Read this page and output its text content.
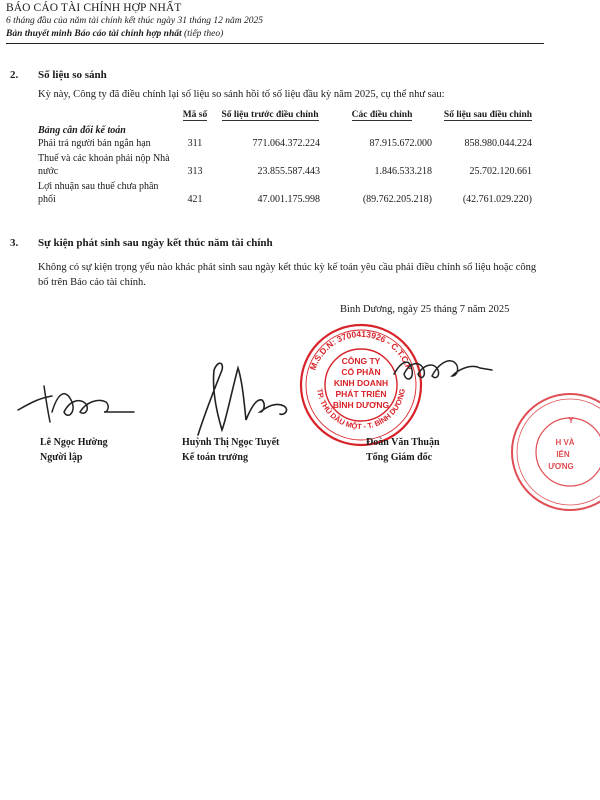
BÁO CÁO TÀI CHÍNH HỢP NHẤT
6 tháng đầu của năm tài chính kết thúc ngày 31 tháng 12 năm 2025
Bản thuyết minh Báo cáo tài chính hợp nhất (tiếp theo)
2. Số liệu so sánh
Kỳ này, Công ty đã điều chỉnh lại số liệu so sánh hồi tố số liệu đầu kỳ năm 2025, cụ thể như sau:
	Mã số	Số liệu trước điều chỉnh	Các điều chỉnh	Số liệu sau điều chỉnh
Bảng cân đối kế toán				
Phải trả người bán ngắn hạn	311	771.064.372.224	87.915.672.000	858.980.044.224
Thuế và các khoản phải nộp Nhà nước	313	23.855.587.443	1.846.533.218	25.702.120.661
Lợi nhuận sau thuế chưa phân phối	421	47.001.175.998	(89.762.205.218)	(42.761.029.220)
3. Sự kiện phát sinh sau ngày kết thúc năm tài chính
Không có sự kiện trọng yếu nào khác phát sinh sau ngày kết thúc kỳ kế toán yêu cầu phải điều chỉnh số liệu hoặc công bố trên Báo cáo tài chính.
Bình Dương, ngày 25 tháng 7 năm 2025
M.S.D.N: 3700413926 - C.T.C.P
TP. THỦ DẦU MỘT - T. BÌNH DƯƠNG
CÔNG TY
CỔ PHẦN
KINH DOANH
PHÁT TRIỂN
BÌNH DƯƠNG
Y
H VÀ
IỂN
ƯƠNG
Lê Ngọc Hường
Người lập
Huỳnh Thị Ngọc Tuyết
Kế toán trưởng
Đoàn Văn Thuận
Tổng Giám đốc
